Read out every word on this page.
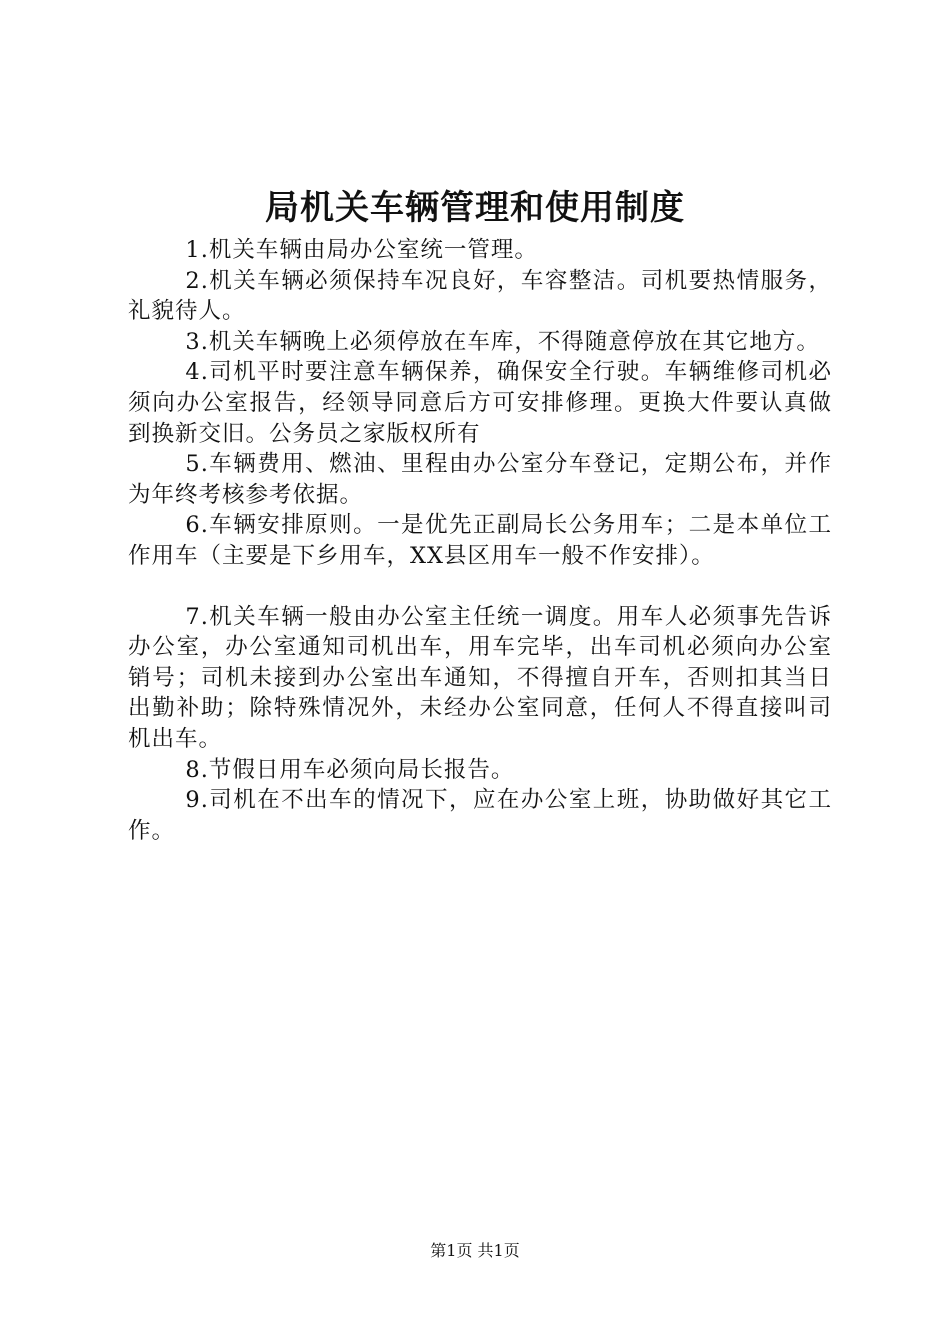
局机关车辆管理和使用制度

1.机关车辆由局办公室统一管理。

2.机关车辆必须保持车况良好，车容整洁。司机要热情服务，礼貌待人。

3.机关车辆晚上必须停放在车库，不得随意停放在其它地方。

4.司机平时要注意车辆保养，确保安全行驶。车辆维修司机必须向办公室报告，经领导同意后方可安排修理。更换大件要认真做到换新交旧。公务员之家版权所有

5.车辆费用、燃油、里程由办公室分车登记，定期公布，并作为年终考核参考依据。

6.车辆安排原则。一是优先正副局长公务用车；二是本单位工作用车（主要是下乡用车，XX县区用车一般不作安排）。

7.机关车辆一般由办公室主任统一调度。用车人必须事先告诉办公室，办公室通知司机出车，用车完毕，出车司机必须向办公室销号；司机未接到办公室出车通知，不得擅自开车，否则扣其当日出勤补助；除特殊情况外，未经办公室同意，任何人不得直接叫司机出车。

8.节假日用车必须向局长报告。

9.司机在不出车的情况下，应在办公室上班，协助做好其它工作。

第1页 共1页
